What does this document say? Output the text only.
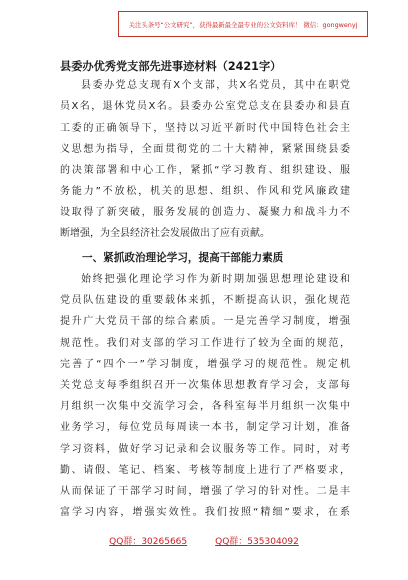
关注头条号“公文研究”，获得最新最全最专业的公文资料库！ 微信：gongwenyj
县委办优秀党支部先进事迹材料（2421字）

县委办党总支现有X个支部，共X名党员，其中在职党

员X名，退休党员X名。县委办公室党总支在县委办和县直

工委的正确领导下，坚持以习近平新时代中国特色社会主

义思想为指导，全面贯彻党的二十大精神，紧紧围绕县委

的决策部署和中心工作，紧抓“学习教育、组织建设、服

务能力”不放松，机关的思想、组织、作风和党风廉政建

设取得了新突破，服务发展的创造力、凝聚力和战斗力不

断增强，为全县经济社会发展做出了应有贡献。

一、紧抓政治理论学习，提高干部能力素质

始终把强化理论学习作为新时期加强思想理论建设和

党员队伍建设的重要载体来抓，不断提高认识，强化规范

提升广大党员干部的综合素质。一是完善学习制度，增强

规范性。我们对支部的学习工作进行了较为全面的规范，

完善了“四个一”学习制度，增强学习的规范性。规定机

关党总支每季组织召开一次集体思想教育学习会，支部每

月组织一次集中交流学习会，各科室每半月组织一次集中

业务学习，每位党员每周读一本书，制定学习计划，准备

学习资料，做好学习记录和会议服务等工作。同时，对考

勤、请假、笔记、档案、考核等制度上进行了严格要求，

从而保证了干部学习时间，增强了学习的针对性。二是丰

富学习内容，增强实效性。我们按照“精细”要求，在系

QQ群：30265665	QQ群：535304092
